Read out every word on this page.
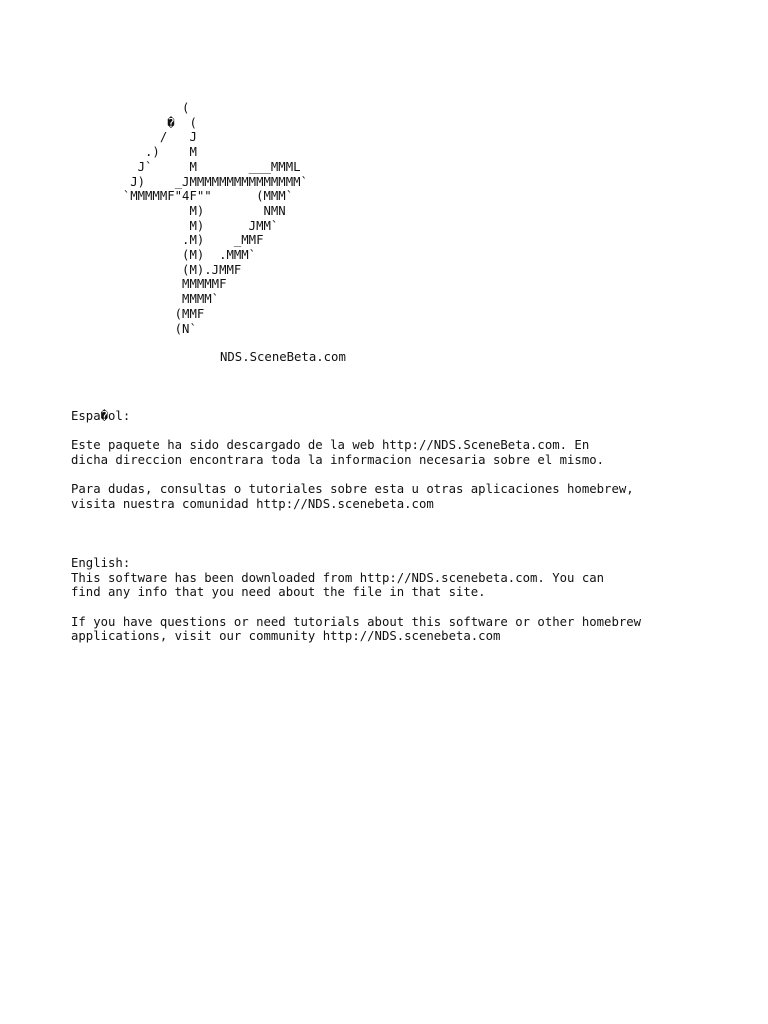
(
�  (
/   J
.)    M
J`     M       ___MMML
J)    _JMMMMMMMMMMMMMMM`
`MMMMMF"4F""      (MMM`
M)        NMN
M)      JMM`
.M)    _MMF
(M)  .MMM`
(M).JMMF
MMMMMF
MMMM`
(MMF
(N`
NDS.SceneBeta.com
Espa�ol:
Este paquete ha sido descargado de la web http://NDS.SceneBeta.com. En
dicha direccion encontrara toda la informacion necesaria sobre el mismo.
Para dudas, consultas o tutoriales sobre esta u otras aplicaciones homebrew,
visita nuestra comunidad http://NDS.scenebeta.com
English:
This software has been downloaded from http://NDS.scenebeta.com. You can
find any info that you need about the file in that site.
If you have questions or need tutorials about this software or other homebrew
applications, visit our community http://NDS.scenebeta.com
